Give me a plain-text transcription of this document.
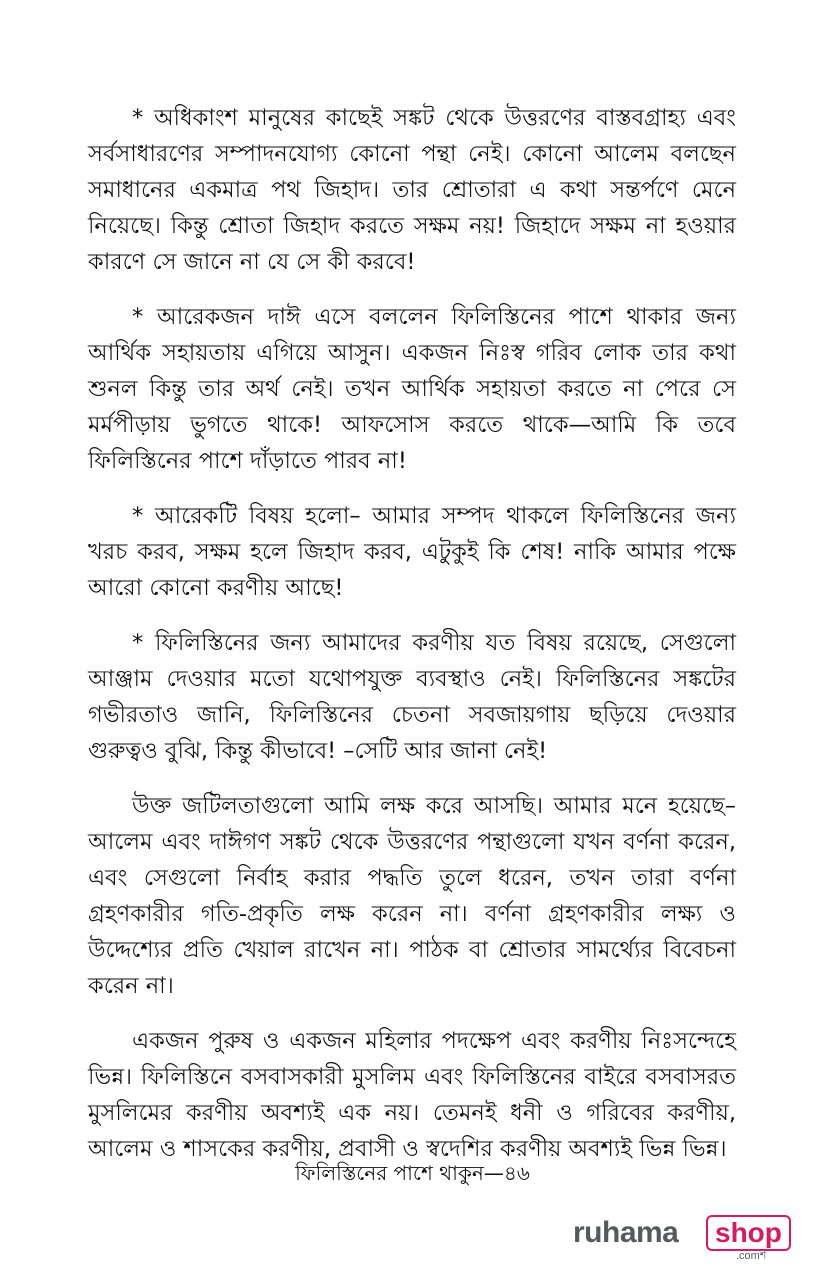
* অধিকাংশ মানুষের কাছেই সঙ্কট থেকে উত্তরণের বাস্তবগ্রাহ্য এবং সর্বসাধারণের সম্পাদনযোগ্য কোনো পন্থা নেই। কোনো আলেম বলছেন সমাধানের একমাত্র পথ জিহাদ। তার শ্রোতারা এ কথা সন্তর্পণে মেনে নিয়েছে। কিন্তু শ্রোতা জিহাদ করতে সক্ষম নয়! জিহাদে সক্ষম না হওয়ার কারণে সে জানে না যে সে কী করবে!

* আরেকজন দাঈ এসে বললেন ফিলিস্তিনের পাশে থাকার জন্য আর্থিক সহায়তায় এগিয়ে আসুন। একজন নিঃস্ব গরিব লোক তার কথা শুনল কিন্তু তার অর্থ নেই। তখন আর্থিক সহায়তা করতে না পেরে সে মর্মপীড়ায় ভুগতে থাকে! আফসোস করতে থাকে—আমি কি তবে ফিলিস্তিনের পাশে দাঁড়াতে পারব না!

* আরেকটি বিষয় হলো– আমার সম্পদ থাকলে ফিলিস্তিনের জন্য খরচ করব, সক্ষম হলে জিহাদ করব, এটুকুই কি শেষ! নাকি আমার পক্ষে আরো কোনো করণীয় আছে!

* ফিলিস্তিনের জন্য আমাদের করণীয় যত বিষয় রয়েছে, সেগুলো আঞ্জাম দেওয়ার মতো যথোপযুক্ত ব্যবস্থাও নেই। ফিলিস্তিনের সঙ্কটের গভীরতাও জানি, ফিলিস্তিনের চেতনা সবজায়গায় ছড়িয়ে দেওয়ার গুরুত্বও বুঝি, কিন্তু কীভাবে! –সেটি আর জানা নেই!

উক্ত জটিলতাগুলো আমি লক্ষ করে আসছি। আমার মনে হয়েছে– আলেম এবং দাঈগণ সঙ্কট থেকে উত্তরণের পন্থাগুলো যখন বর্ণনা করেন, এবং সেগুলো নির্বাহ করার পদ্ধতি তুলে ধরেন, তখন তারা বর্ণনা গ্রহণকারীর গতি-প্রকৃতি লক্ষ করেন না। বর্ণনা গ্রহণকারীর লক্ষ্য ও উদ্দেশ্যের প্রতি খেয়াল রাখেন না। পাঠক বা শ্রোতার সামর্থ্যের বিবেচনা করেন না।

একজন পুরুষ ও একজন মহিলার পদক্ষেপ এবং করণীয় নিঃসন্দেহে ভিন্ন। ফিলিস্তিনে বসবাসকারী মুসলিম এবং ফিলিস্তিনের বাইরে বসবাসরত মুসলিমের করণীয় অবশ্যই এক নয়। তেমনই ধনী ও গরিবের করণীয়, আলেম ও শাসকের করণীয়, প্রবাসী ও স্বদেশির করণীয় অবশ্যই ভিন্ন ভিন্ন।

ফিলিস্তিনের পাশে থাকুন—৪৬
ruhama	shop
.comশ
